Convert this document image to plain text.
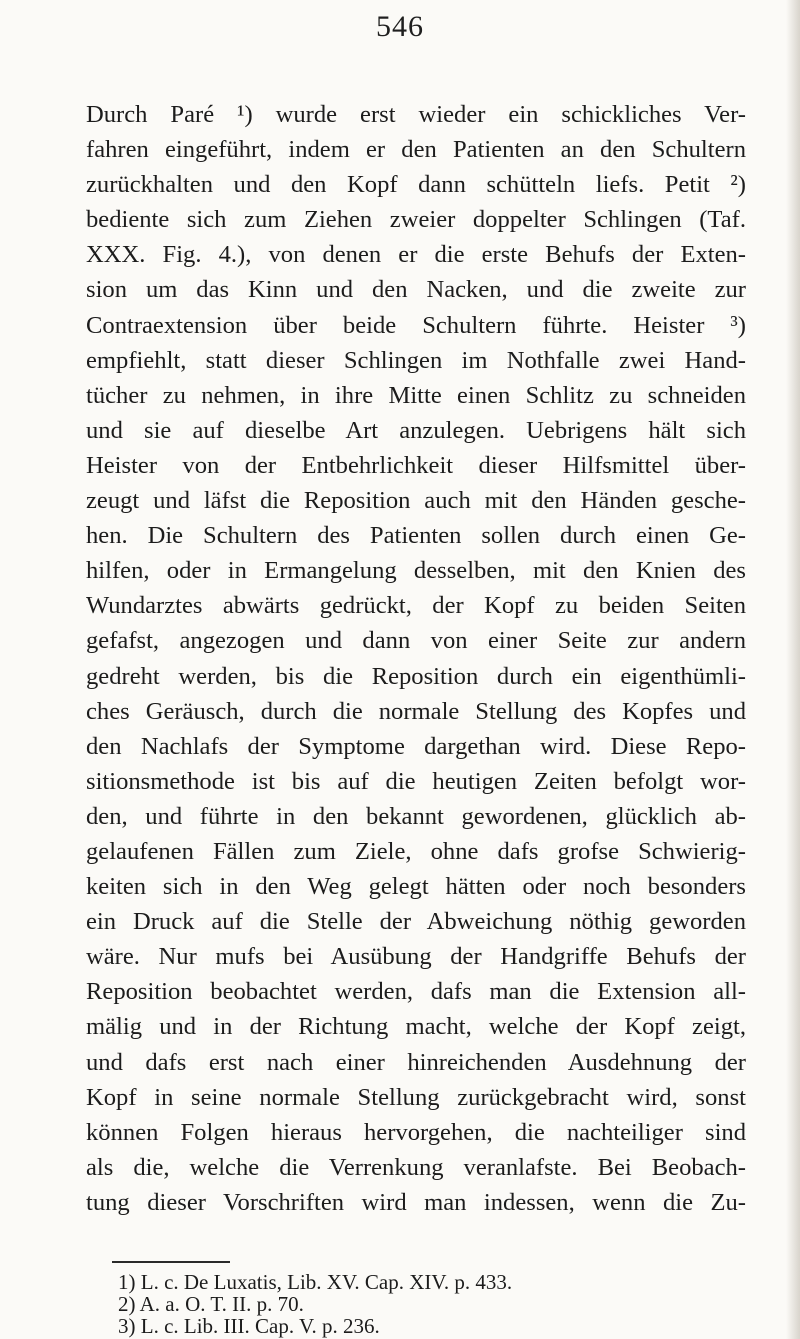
546
Durch Paré ¹) wurde erst wieder ein schickliches Ver-
fahren eingeführt, indem er den Patienten an den Schultern
zurückhalten und den Kopf dann schütteln liefs. Petit ²)
bediente sich zum Ziehen zweier doppelter Schlingen (Taf.
XXX. Fig. 4.), von denen er die erste Behufs der Exten-
sion um das Kinn und den Nacken, und die zweite zur
Contraextension über beide Schultern führte. Heister ³)
empfiehlt, statt dieser Schlingen im Nothfalle zwei Hand-
tücher zu nehmen, in ihre Mitte einen Schlitz zu schneiden
und sie auf dieselbe Art anzulegen. Uebrigens hält sich
Heister von der Entbehrlichkeit dieser Hilfsmittel über-
zeugt und läfst die Reposition auch mit den Händen gesche-
hen. Die Schultern des Patienten sollen durch einen Ge-
hilfen, oder in Ermangelung desselben, mit den Knien des
Wundarztes abwärts gedrückt, der Kopf zu beiden Seiten
gefafst, angezogen und dann von einer Seite zur andern
gedreht werden, bis die Reposition durch ein eigenthümli-
ches Geräusch, durch die normale Stellung des Kopfes und
den Nachlafs der Symptome dargethan wird. Diese Repo-
sitionsmethode ist bis auf die heutigen Zeiten befolgt wor-
den, und führte in den bekannt gewordenen, glücklich ab-
gelaufenen Fällen zum Ziele, ohne dafs grofse Schwierig-
keiten sich in den Weg gelegt hätten oder noch besonders
ein Druck auf die Stelle der Abweichung nöthig geworden
wäre. Nur mufs bei Ausübung der Handgriffe Behufs der
Reposition beobachtet werden, dafs man die Extension all-
mälig und in der Richtung macht, welche der Kopf zeigt,
und dafs erst nach einer hinreichenden Ausdehnung der
Kopf in seine normale Stellung zurückgebracht wird, sonst
können Folgen hieraus hervorgehen, die nachteiliger sind
als die, welche die Verrenkung veranlafste. Bei Beobach-
tung dieser Vorschriften wird man indessen, wenn die Zu-
1) L. c. De Luxatis, Lib. XV. Cap. XIV. p. 433.
2) A. a. O. T. II. p. 70.
3) L. c. Lib. III. Cap. V. p. 236.
